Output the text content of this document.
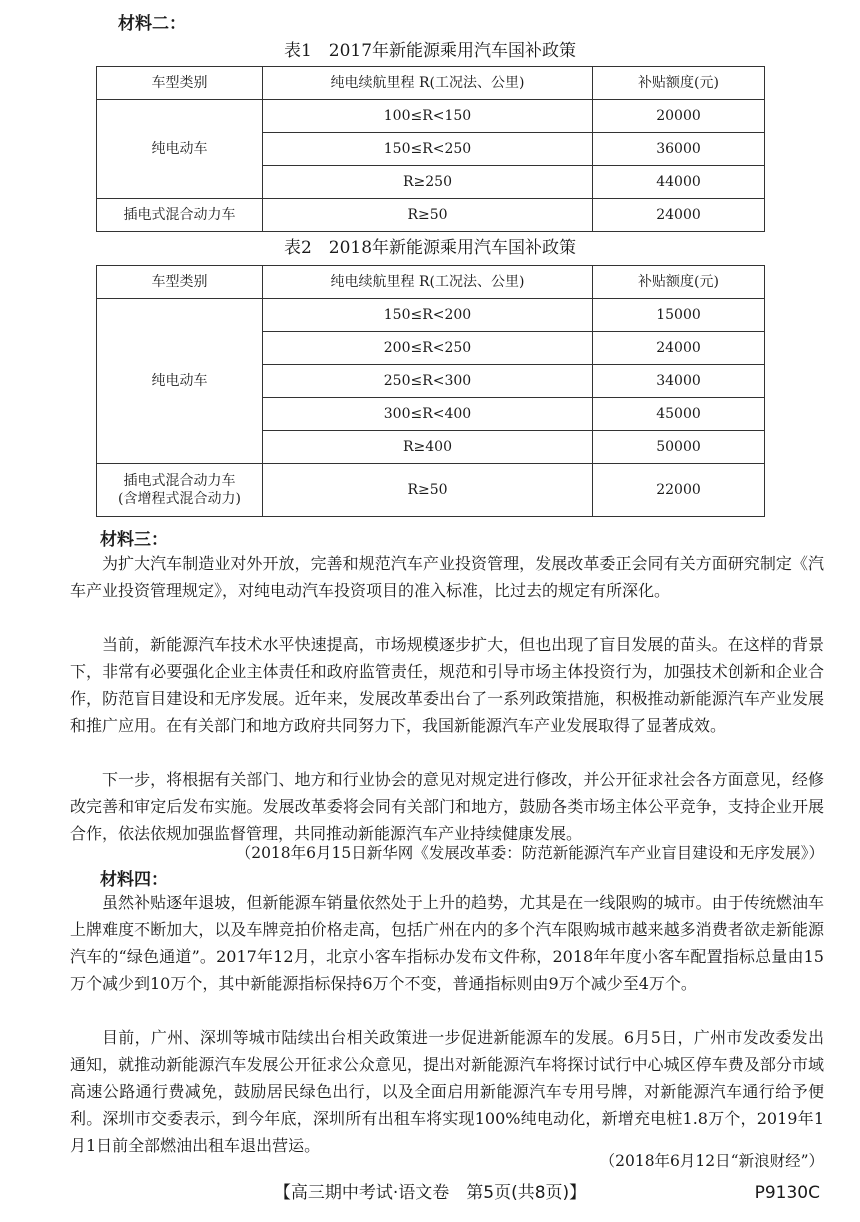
材料二：
表1　2017年新能源乘用汽车国补政策
车型类别	纯电续航里程 R(工况法、公里)	补贴额度(元)
纯电动车	100≤R<150	20000
	150≤R<250	36000
	R≥250	44000
插电式混合动力车	R≥50	24000
表2　2018年新能源乘用汽车国补政策
车型类别	纯电续航里程 R(工况法、公里)	补贴额度(元)
纯电动车	150≤R<200	15000
	200≤R<250	24000
	250≤R<300	34000
	300≤R<400	45000
	R≥400	50000

插电式混合动力车
(含增程式混合动力)	R≥50	22000
材料三：

为扩大汽车制造业对外开放，完善和规范汽车产业投资管理，发展改革委正会同有关方面研究制定《汽车产业投资管理规定》，对纯电动汽车投资项目的准入标准，比过去的规定有所深化。

当前，新能源汽车技术水平快速提高，市场规模逐步扩大，但也出现了盲目发展的苗头。在这样的背景下，非常有必要强化企业主体责任和政府监管责任，规范和引导市场主体投资行为，加强技术创新和企业合作，防范盲目建设和无序发展。近年来，发展改革委出台了一系列政策措施，积极推动新能源汽车产业发展和推广应用。在有关部门和地方政府共同努力下，我国新能源汽车产业发展取得了显著成效。

下一步，将根据有关部门、地方和行业协会的意见对规定进行修改，并公开征求社会各方面意见，经修改完善和审定后发布实施。发展改革委将会同有关部门和地方，鼓励各类市场主体公平竞争，支持企业开展合作，依法依规加强监督管理，共同推动新能源汽车产业持续健康发展。

（2018年6月15日新华网《发展改革委：防范新能源汽车产业盲目建设和无序发展》）
材料四：

虽然补贴逐年退坡，但新能源车销量依然处于上升的趋势，尤其是在一线限购的城市。由于传统燃油车上牌难度不断加大，以及车牌竞拍价格走高，包括广州在内的多个汽车限购城市越来越多消费者欲走新能源汽车的“绿色通道”。2017年12月，北京小客车指标办发布文件称，2018年年度小客车配置指标总量由15万个减少到10万个，其中新能源指标保持6万个不变，普通指标则由9万个减少至4万个。

目前，广州、深圳等城市陆续出台相关政策进一步促进新能源车的发展。6月5日，广州市发改委发出通知，就推动新能源汽车发展公开征求公众意见，提出对新能源汽车将探讨试行中心城区停车费及部分市域高速公路通行费减免，鼓励居民绿色出行，以及全面启用新能源汽车专用号牌，对新能源汽车通行给予便利。深圳市交委表示，到今年底，深圳所有出租车将实现100%纯电动化，新增充电桩1.8万个，2019年1月1日前全部燃油出租车退出营运。

（2018年6月12日“新浪财经”）
【高三期中考试·语文卷　第5页(共8页)】	P9130C
